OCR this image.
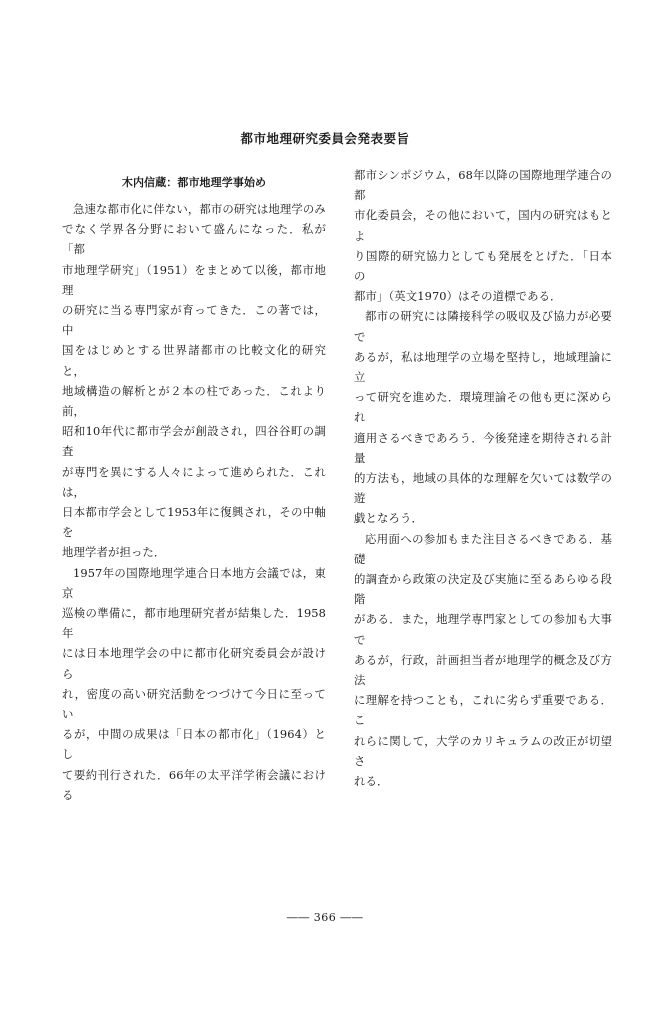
都市地理研究委員会発表要旨
木内信蔵：都市地理学事始め

急速な都市化に伴ない，都市の研究は地理学のみ
でなく学界各分野において盛んになった．私が「都
市地理学研究」（1951）をまとめて以後，都市地理
の研究に当る専門家が育ってきた．この著では，中
国をはじめとする世界諸都市の比較文化的研究と，
地域構造の解析とが２本の柱であった．これより前，
昭和10年代に都市学会が創設され，四谷谷町の調査
が専門を異にする人々によって進められた．これは，
日本都市学会として1953年に復興され，その中軸を
地理学者が担った．

1957年の国際地理学連合日本地方会議では，東京
巡検の準備に，都市地理研究者が結集した．1958年
には日本地理学会の中に都市化研究委員会が設けら
れ，密度の高い研究活動をつづけて今日に至ってい
るが，中間の成果は「日本の都市化」（1964）とし
て要約刊行された．66年の太平洋学術会議における

都市シンポジウム，68年以降の国際地理学連合の都
市化委員会，その他において，国内の研究はもとよ
り国際的研究協力としても発展をとげた．「日本の
都市」（英文1970）はその道標である．

都市の研究には隣接科学の吸収及び協力が必要で
あるが，私は地理学の立場を堅持し，地域理論に立
って研究を進めた．環境理論その他も更に深められ
適用さるべきであろう．今後発達を期待される計量
的方法も，地域の具体的な理解を欠いては数学の遊
戯となろう．

応用面への参加もまた注目さるべきである．基礎
的調査から政策の決定及び実施に至るあらゆる段階
がある．また，地理学専門家としての参加も大事で
あるが，行政，計画担当者が地理学的概念及び方法
に理解を持つことも，これに劣らず重要である．こ
れらに関して，大学のカリキュラムの改正が切望さ
れる．

―― 366 ――
